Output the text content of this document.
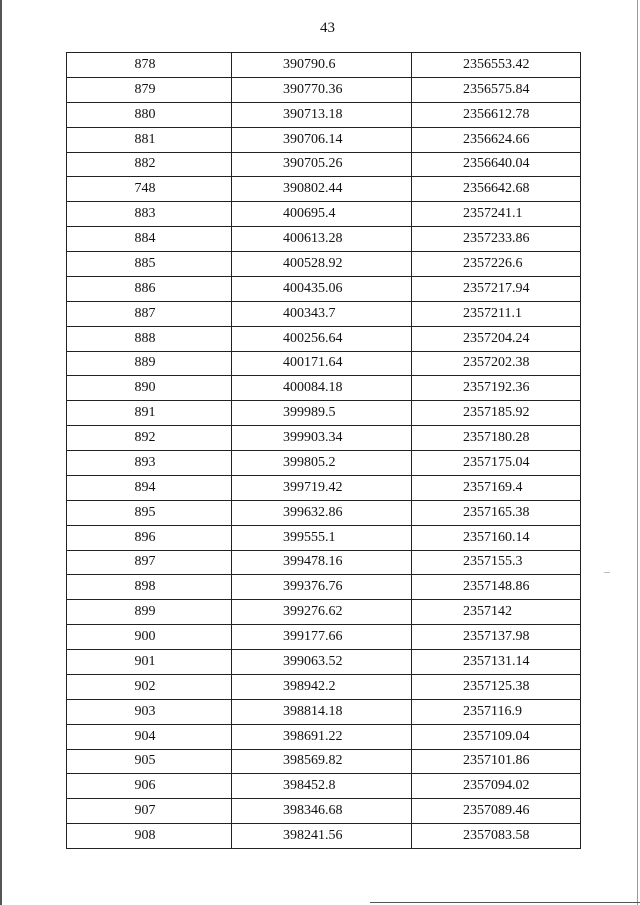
43
878	390790.6	2356553.42
879	390770.36	2356575.84
880	390713.18	2356612.78
881	390706.14	2356624.66
882	390705.26	2356640.04
748	390802.44	2356642.68
883	400695.4	2357241.1
884	400613.28	2357233.86
885	400528.92	2357226.6
886	400435.06	2357217.94
887	400343.7	2357211.1
888	400256.64	2357204.24
889	400171.64	2357202.38
890	400084.18	2357192.36
891	399989.5	2357185.92
892	399903.34	2357180.28
893	399805.2	2357175.04
894	399719.42	2357169.4
895	399632.86	2357165.38
896	399555.1	2357160.14
897	399478.16	2357155.3
898	399376.76	2357148.86
899	399276.62	2357142
900	399177.66	2357137.98
901	399063.52	2357131.14
902	398942.2	2357125.38
903	398814.18	2357116.9
904	398691.22	2357109.04
905	398569.82	2357101.86
906	398452.8	2357094.02
907	398346.68	2357089.46
908	398241.56	2357083.58
